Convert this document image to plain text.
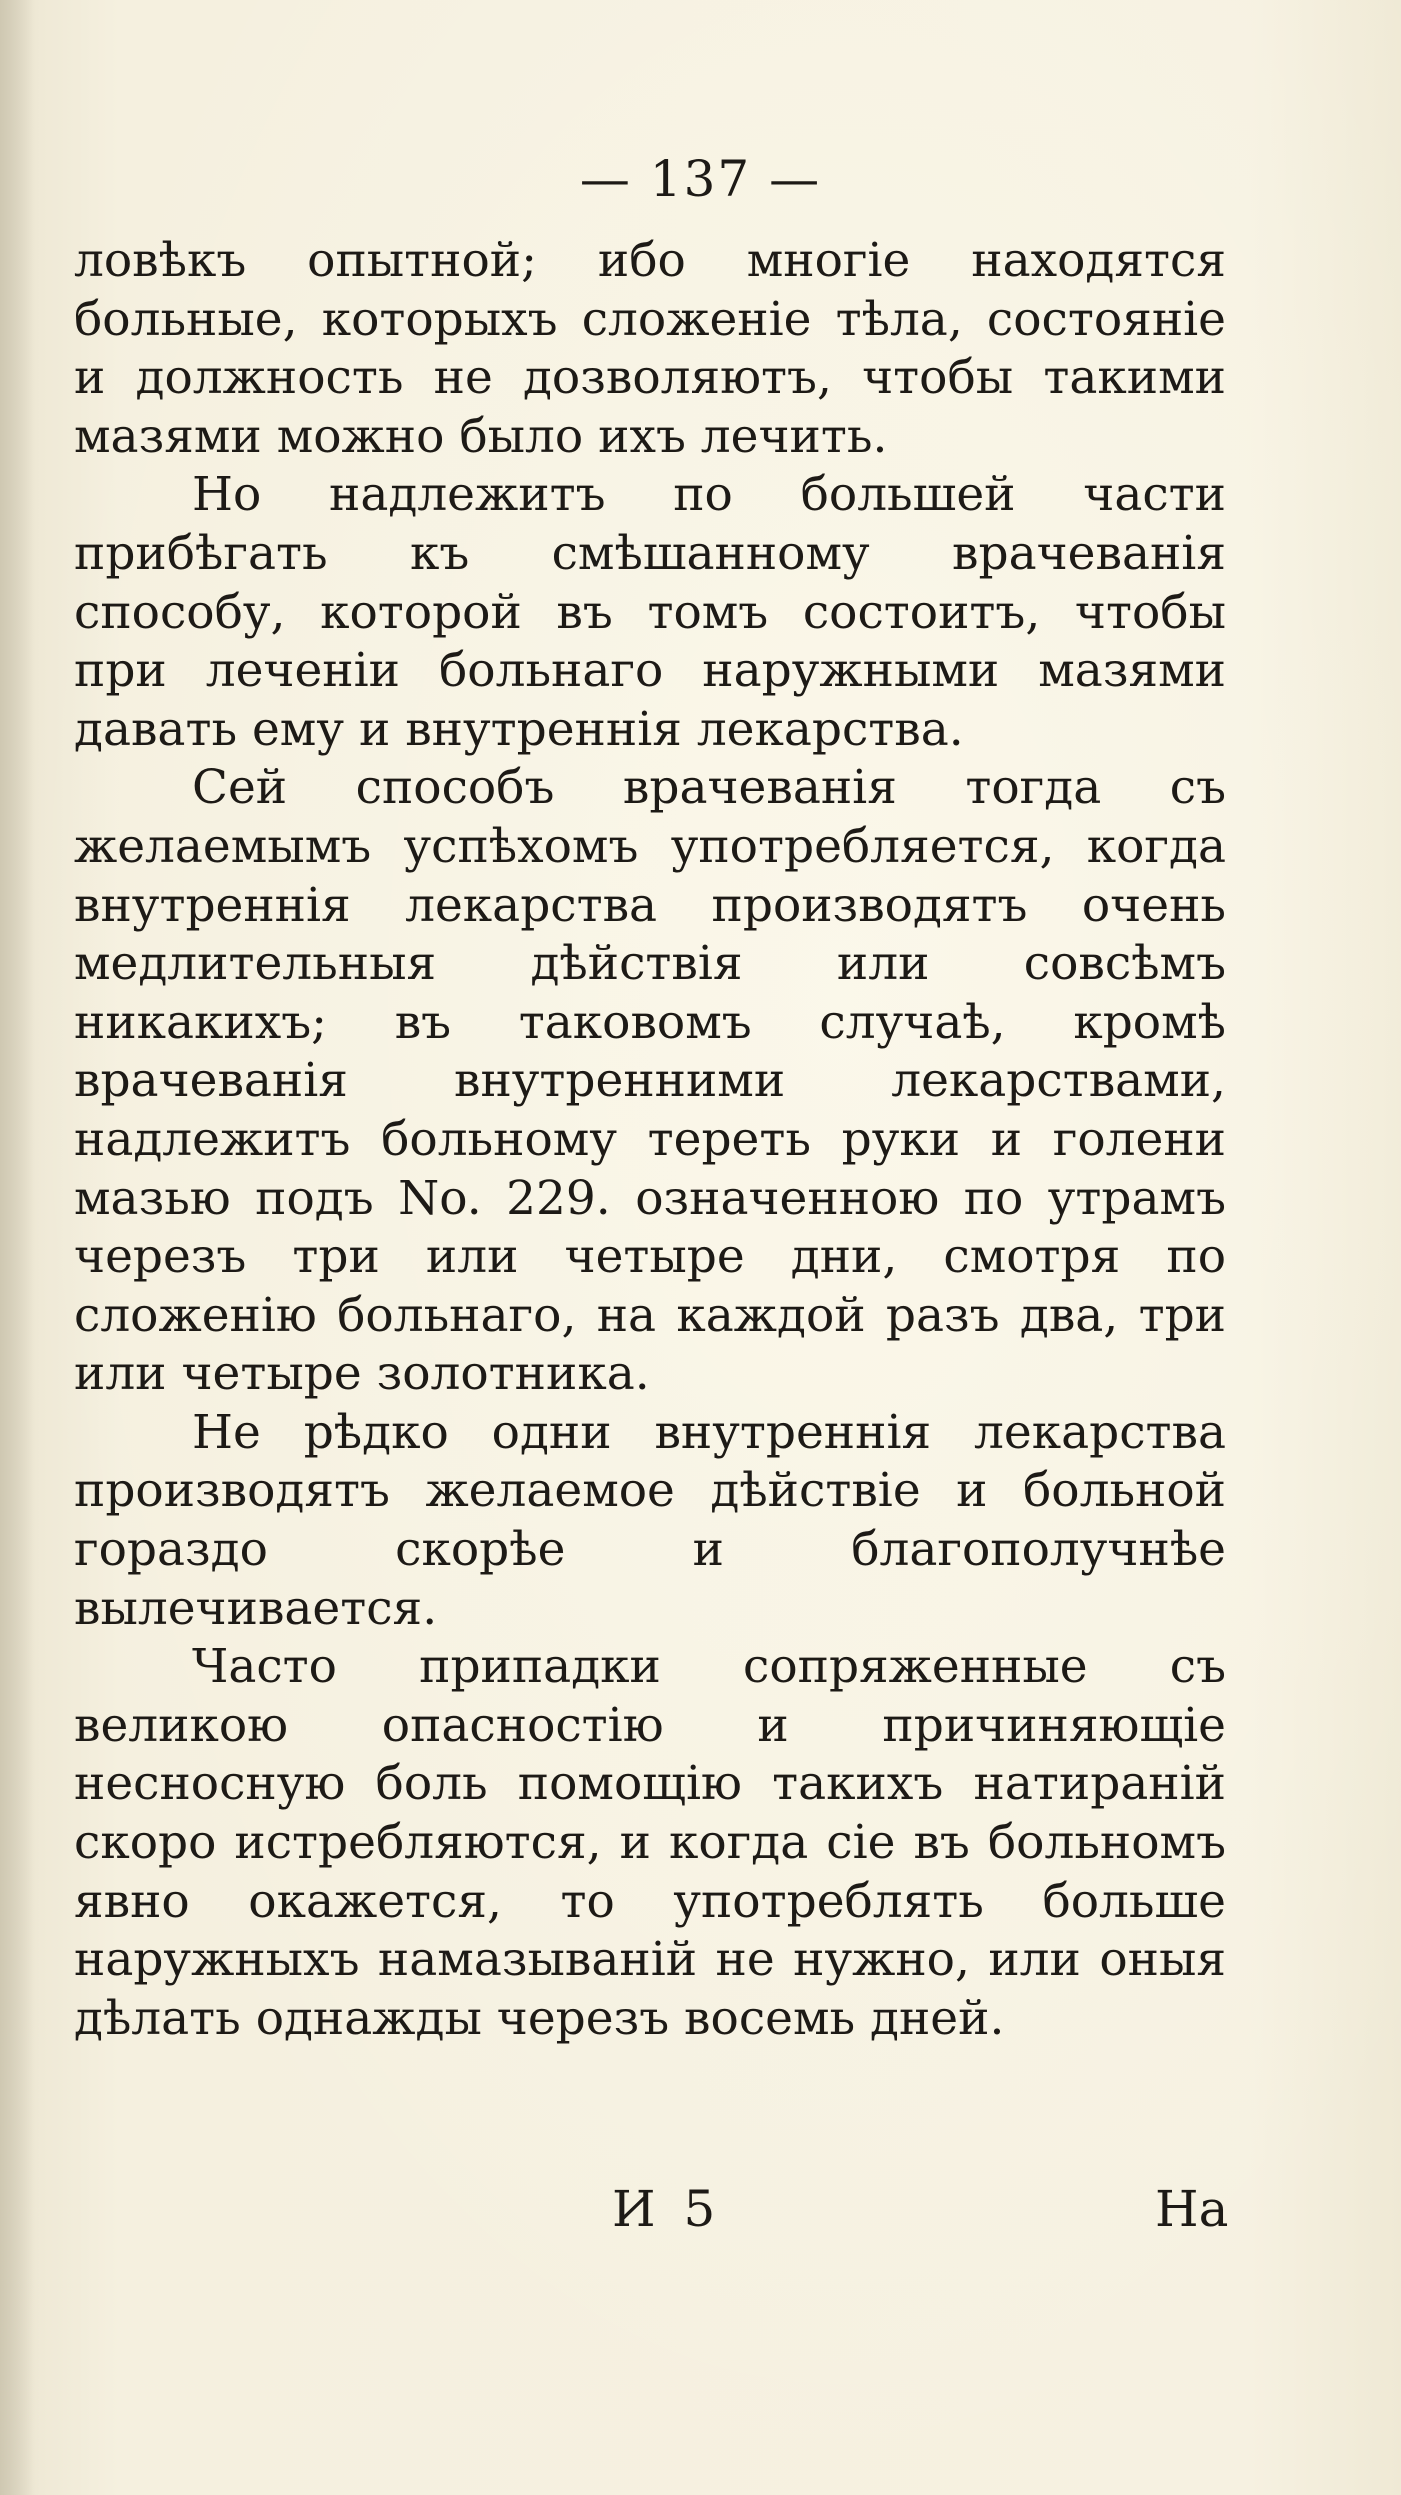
— 137 —

ловѣкъ опытной; ибо многіе находятся больные, которыхъ сложеніе тѣла, состояніе и должность не дозволяютъ, чтобы такими мазями можно было ихъ лечить.

Но надлежитъ по большей части прибѣгать къ смѣшанному врачеванія способу, которой въ томъ состоитъ, чтобы при леченіи больнаго наружными мазями давать ему и внутреннія лекарства.

Сей способъ врачеванія тогда съ желаемымъ успѣхомъ употребляется, когда внутреннія лекарства производятъ очень медлительныя дѣйствія или совсѣмъ никакихъ; въ таковомъ случаѣ, кромѣ врачеванія внутренними лекарствами, надлежитъ больному тереть руки и голени мазью подъ No. 229. означенною по утрамъ черезъ три или четыре дни, смотря по сложенію больнаго, на каждой разъ два, три или четыре золотника.

Не рѣдко одни внутреннія лекарства производятъ желаемое дѣйствіе и больной гораздо скорѣе и благополучнѣе вылечивается.

Часто припадки сопряженные съ великою опасностію и причиняющіе несносную боль помощію такихъ натираній скоро истребляются, и когда сіе въ больномъ явно окажется, то употреблять больше наружныхъ намазываній не нужно, или оныя дѣлать однажды черезъ восемь дней.

И 5	На
